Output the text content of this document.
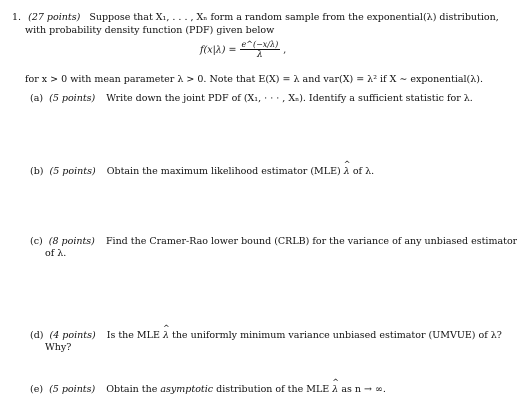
1. (27 points) Suppose that X₁, . . . , Xₙ form a random sample from the exponential(λ) distribution,
with probability density function (PDF) given below
$f(x|\lambda) = \frac{e\^{}(-x/\lambda)}{\lambda}$ ,
for x > 0 with mean parameter λ > 0. Note that E(X) = λ and var(X) = λ² if X ∼ exponential(λ).
(a) (5 points) Write down the joint PDF of (X₁, · · · , Xₙ). Identify a sufficient statistic for λ.
(b) (5 points) Obtain the maximum likelihood estimator (MLE) ^ λ of λ.
(c) (8 points) Find the Cramer-Rao lower bound (CRLB) for the variance of any unbiased estimator
of λ.
(d) (4 points) Is the MLE ^ λ the uniformly minimum variance unbiased estimator (UMVUE) of λ?
Why?
(e) (5 points) Obtain the asymptotic distribution of the MLE ^ λ as n → ∞.
